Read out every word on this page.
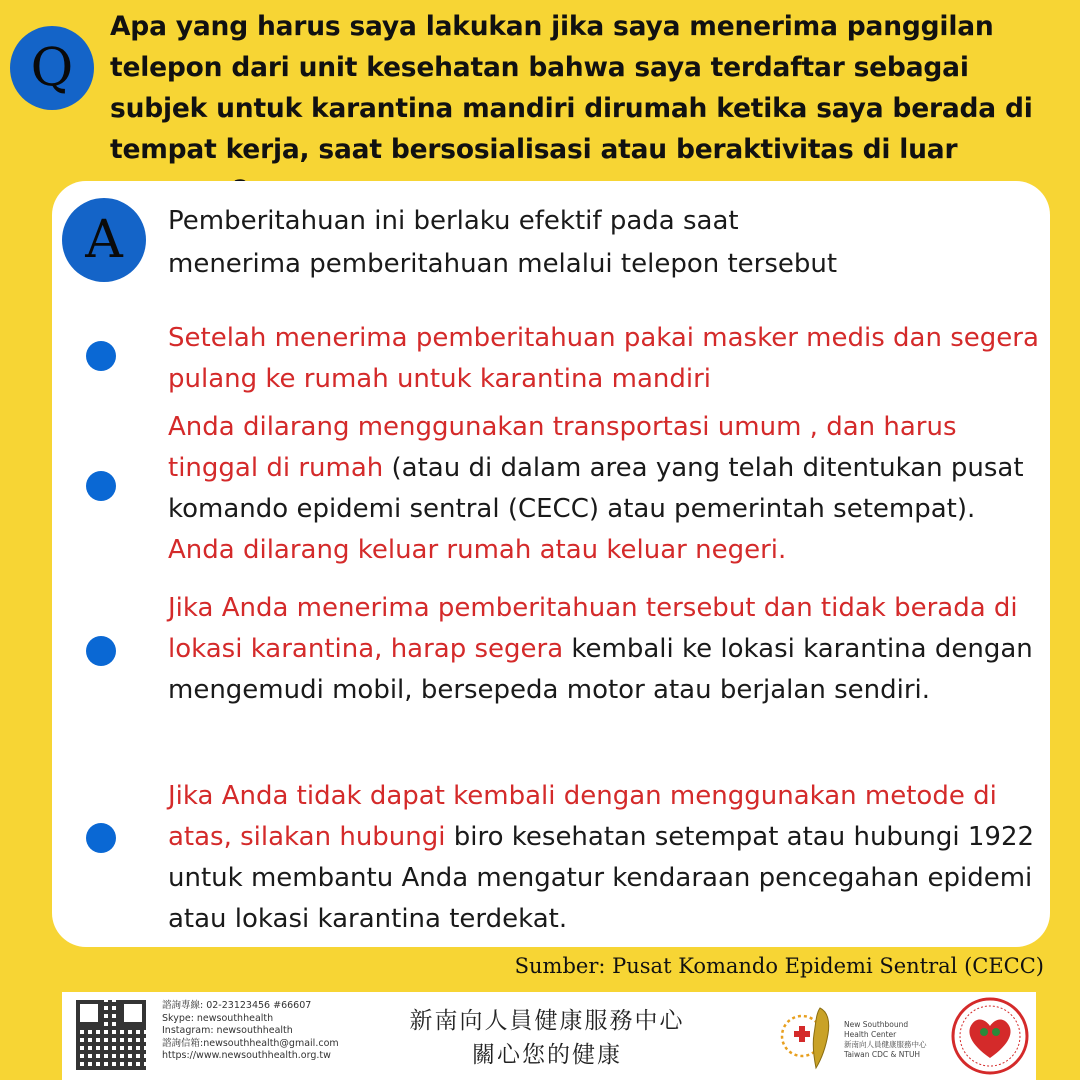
Q
Apa yang harus saya lakukan jika saya menerima panggilan telepon dari unit kesehatan bahwa saya terdaftar sebagai subjek untuk karantina mandiri dirumah ketika saya berada di tempat kerja, saat bersosialisasi atau beraktivitas di luar
A	Pemberitahuan ini berlaku efektif pada saat
menerima pemberitahuan melalui telepon tersebut
Setelah menerima pemberitahuan pakai masker medis dan segera pulang ke rumah untuk karantina mandiri
Anda dilarang menggunakan transportasi umum , dan harus tinggal di rumah (atau di dalam area yang telah ditentukan pusat komando epidemi sentral (CECC) atau pemerintah setempat). Anda dilarang keluar rumah atau keluar negeri.
Jika Anda menerima pemberitahuan tersebut dan tidak berada di lokasi karantina, harap segera kembali ke lokasi karantina dengan mengemudi mobil, bersepeda motor atau berjalan sendiri.
Jika Anda tidak dapat kembali dengan menggunakan metode di atas, silakan hubungi biro kesehatan setempat atau hubungi 1922 untuk membantu Anda mengatur kendaraan pencegahan epidemi atau lokasi karantina terdekat.
Sumber: Pusat Komando Epidemi Sentral (CECC)
諮詢專線: 02-23123456 #66607
Skype: newsouthhealth
Instagram: newsouthhealth
諮詢信箱:newsouthhealth@gmail.com
https://www.newsouthhealth.org.tw
新南向人員健康服務中心
關心您的健康
New Southbound
Health Center
新南向人員健康服務中心
Taiwan CDC & NTUH
